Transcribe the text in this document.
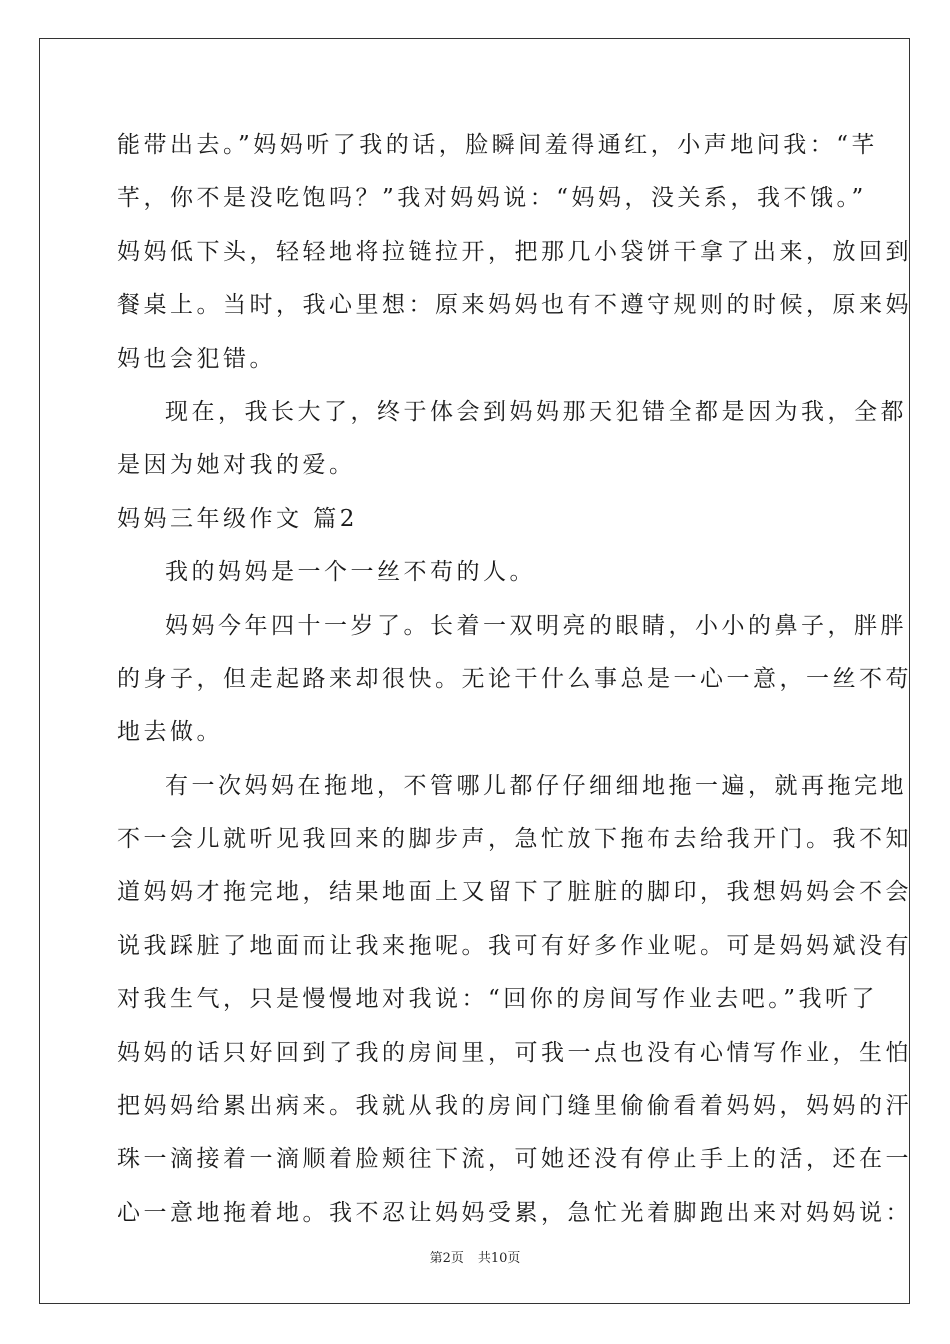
能带出去。”妈妈听了我的话，脸瞬间羞得通红，小声地问我：“芊
芊，你不是没吃饱吗？”我对妈妈说：“妈妈，没关系，我不饿。”
妈妈低下头，轻轻地将拉链拉开，把那几小袋饼干拿了出来，放回到
餐桌上。当时，我心里想：原来妈妈也有不遵守规则的时候，原来妈
妈也会犯错。
现在，我长大了，终于体会到妈妈那天犯错全都是因为我，全都
是因为她对我的爱。
妈妈三年级作文 篇2
我的妈妈是一个一丝不苟的人。
妈妈今年四十一岁了。长着一双明亮的眼睛，小小的鼻子，胖胖
的身子，但走起路来却很快。无论干什么事总是一心一意，一丝不苟
地去做。
有一次妈妈在拖地，不管哪儿都仔仔细细地拖一遍，就再拖完地
不一会儿就听见我回来的脚步声，急忙放下拖布去给我开门。我不知
道妈妈才拖完地，结果地面上又留下了脏脏的脚印，我想妈妈会不会
说我踩脏了地面而让我来拖呢。我可有好多作业呢。可是妈妈斌没有
对我生气，只是慢慢地对我说：“回你的房间写作业去吧。”我听了
妈妈的话只好回到了我的房间里，可我一点也没有心情写作业，生怕
把妈妈给累出病来。我就从我的房间门缝里偷偷看着妈妈，妈妈的汗
珠一滴接着一滴顺着脸颊往下流，可她还没有停止手上的活，还在一
心一意地拖着地。我不忍让妈妈受累，急忙光着脚跑出来对妈妈说：
第2页 共10页
